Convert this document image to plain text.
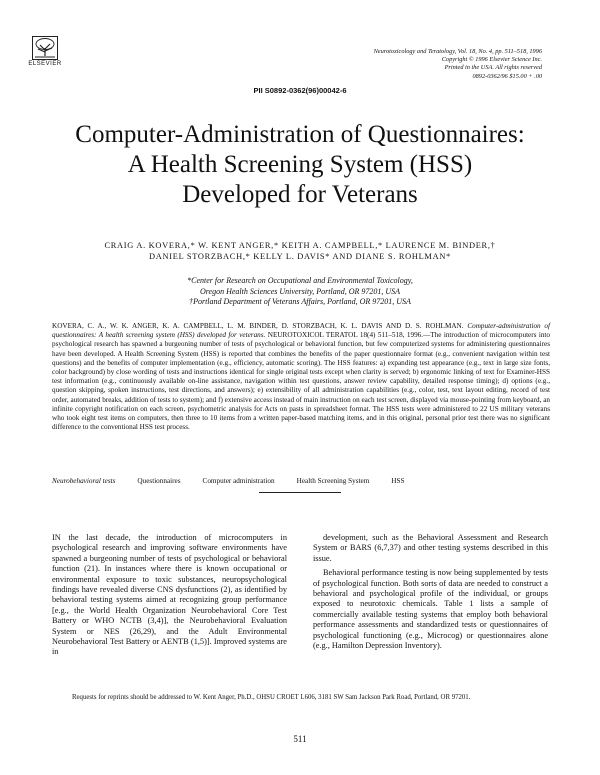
ELSEVIER
Neurotoxicology and Teratology, Vol. 18, No. 4, pp. 511–518, 1996
Copyright © 1996 Elsevier Science Inc.
Printed in the USA. All rights reserved
0892-0362/96 $15.00 + .00
PII S0892-0362(96)00042-6
Computer-Administration of Questionnaires:
A Health Screening System (HSS)
Developed for Veterans
CRAIG A. KOVERA,* W. KENT ANGER,* KEITH A. CAMPBELL,* LAURENCE M. BINDER,†
DANIEL STORZBACH,* KELLY L. DAVIS* AND DIANE S. ROHLMAN*
*Center for Research on Occupational and Environmental Toxicology,
Oregon Health Sciences University, Portland, OR 97201, USA
†Portland Department of Veterans Affairs, Portland, OR 97201, USA
KOVERA, C. A., W. K. ANGER, K. A. CAMPBELL, L. M. BINDER, D. STORZBACH, K. L. DAVIS AND D. S. ROHLMAN. Computer-administration of questionnaires: A health screening system (HSS) developed for veterans. NEUROTOXICOL TERATOL 18(4) 511–518, 1996.—The introduction of microcomputers into psychological research has spawned a burgeoning number of tests of psychological or behavioral function, but few computerized systems for administering questionnaires have been developed. A Health Screening System (HSS) is reported that combines the benefits of the paper questionnaire format (e.g., convenient navigation within test questions) and the benefits of computer implementation (e.g., efficiency, automatic scoring). The HSS features: a) expanding test appearance (e.g., text in large size fonts, color background) by close wording of tests and instructions identical for single original tests except when clarity is served; b) ergonomic linking of text for Examiner-HSS test information (e.g., continuously available on-line assistance, navigation within test questions, answer review capability, detailed response timing); d) options (e.g., question skipping, spoken instructions, test directions, and answers); e) extensibility of all administration capabilities (e.g., color, test, text layout editing, record of test order, automated breaks, addition of tests to system); and f) extensive access instead of main instruction on each test screen, displayed via mouse-pointing from keyboard, an infinite copyright notification on each screen, psychometric analysis for Acts on pasts in spreadsheet format. The HSS tests were administered to 22 US military veterans who took eight test items on computers, then three to 10 items from a written paper-based matching items, and in this original, personal prior test there was no significant difference to the conventional HSS test process.
Neurobehavioral tests	Questionnaires	Computer administration	Health Screening System	HSS

IN the last decade, the introduction of microcomputers in psychological research and improving software environments have spawned a burgeoning number of tests of psychological or behavioral function (21). In instances where there is known occupational or environmental exposure to toxic substances, neuropsychological findings have revealed diverse CNS dysfunctions (2), as identified by behavioral testing systems aimed at recognizing group performance [e.g., the World Health Organization Neurobehavioral Core Test Battery or WHO NCTB (3,4)], the Neurobehavioral Evaluation System or NES (26,29), and the Adult Environmental Neurobehavioral Test Battery or AENTB (1,5)]. Improved systems are in

development, such as the Behavioral Assessment and Research System or BARS (6,7,37) and other testing systems described in this issue.

Behavioral performance testing is now being supplemented by tests of psychological function. Both sorts of data are needed to construct a behavioral and psychological profile of the individual, or groups exposed to neurotoxic chemicals. Table 1 lists a sample of commercially available testing systems that employ both behavioral performance assessments and standardized tests or questionnaires of psychological functioning (e.g., Microcog) or questionnaires alone (e.g., Hamilton Depression Inventory).

Requests for reprints should be addressed to W. Kent Anger, Ph.D., OHSU CROET L606, 3181 SW Sam Jackson Park Road, Portland, OR 97201.
511
